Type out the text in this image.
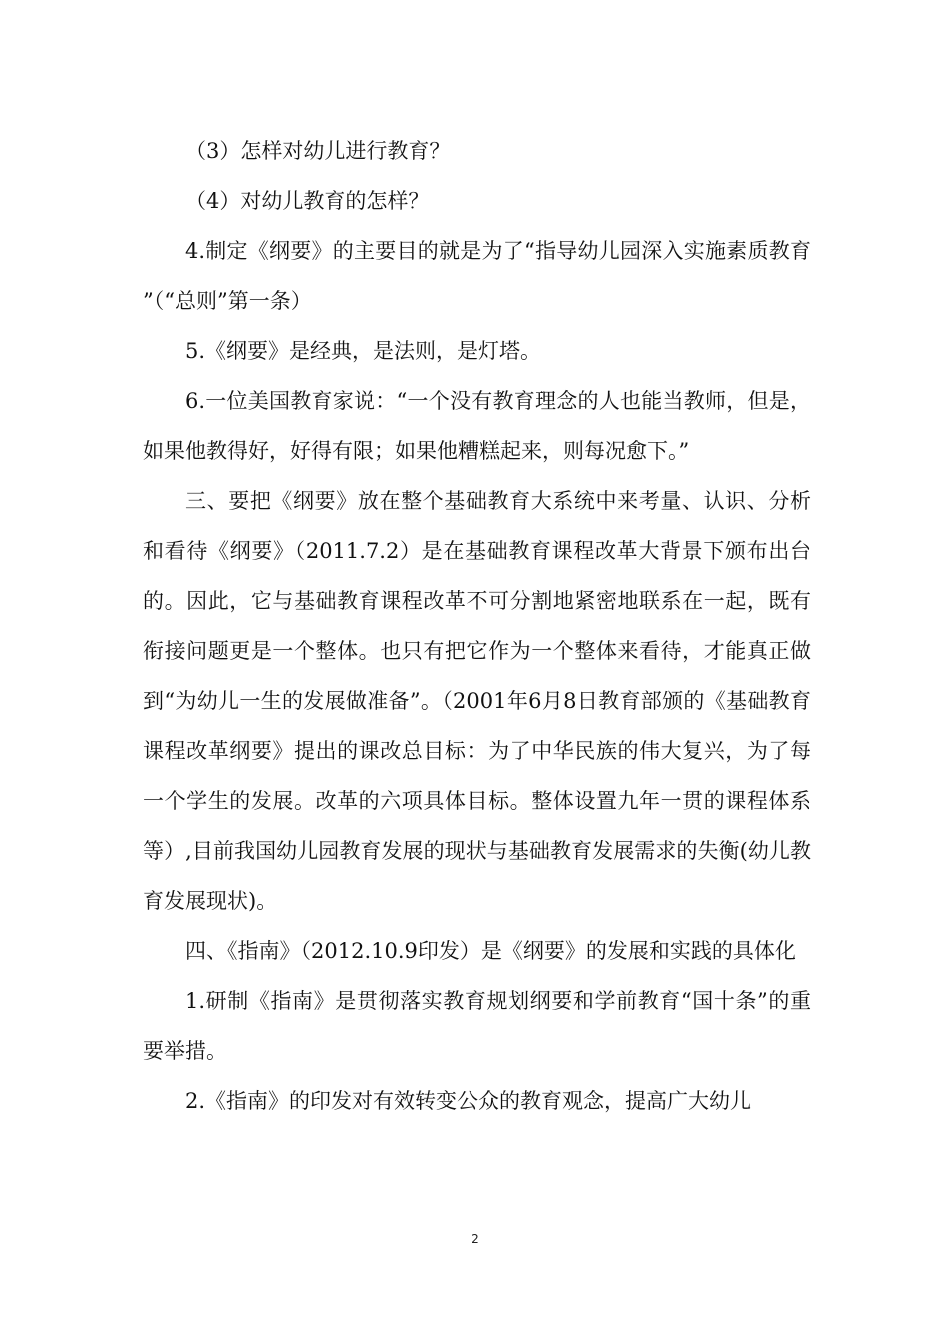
（3）怎样对幼儿进行教育？

（4）对幼儿教育的怎样？

4.制定《纲要》的主要目的就是为了“指导幼儿园深入实施素质教育”（“总则”第一条）

5.《纲要》是经典，是法则，是灯塔。

6.一位美国教育家说：“一个没有教育理念的人也能当教师，但是，如果他教得好，好得有限；如果他糟糕起来，则每况愈下。”

三、要把《纲要》放在整个基础教育大系统中来考量、认识、分析和看待《纲要》（2011.7.2）是在基础教育课程改革大背景下颁布出台的。因此，它与基础教育课程改革不可分割地紧密地联系在一起，既有衔接问题更是一个整体。也只有把它作为一个整体来看待，才能真正做到“为幼儿一生的发展做准备”。（2001年6月8日教育部颁的《基础教育课程改革纲要》提出的课改总目标：为了中华民族的伟大复兴，为了每一个学生的发展。改革的六项具体目标。整体设置九年一贯的课程体系等）,目前我国幼儿园教育发展的现状与基础教育发展需求的失衡(幼儿教育发展现状)。

四、《指南》（2012.10.9印发）是《纲要》的发展和实践的具体化

1.研制《指南》是贯彻落实教育规划纲要和学前教育“国十条”的重要举措。

2.《指南》的印发对有效转变公众的教育观念，提高广大幼儿

2
